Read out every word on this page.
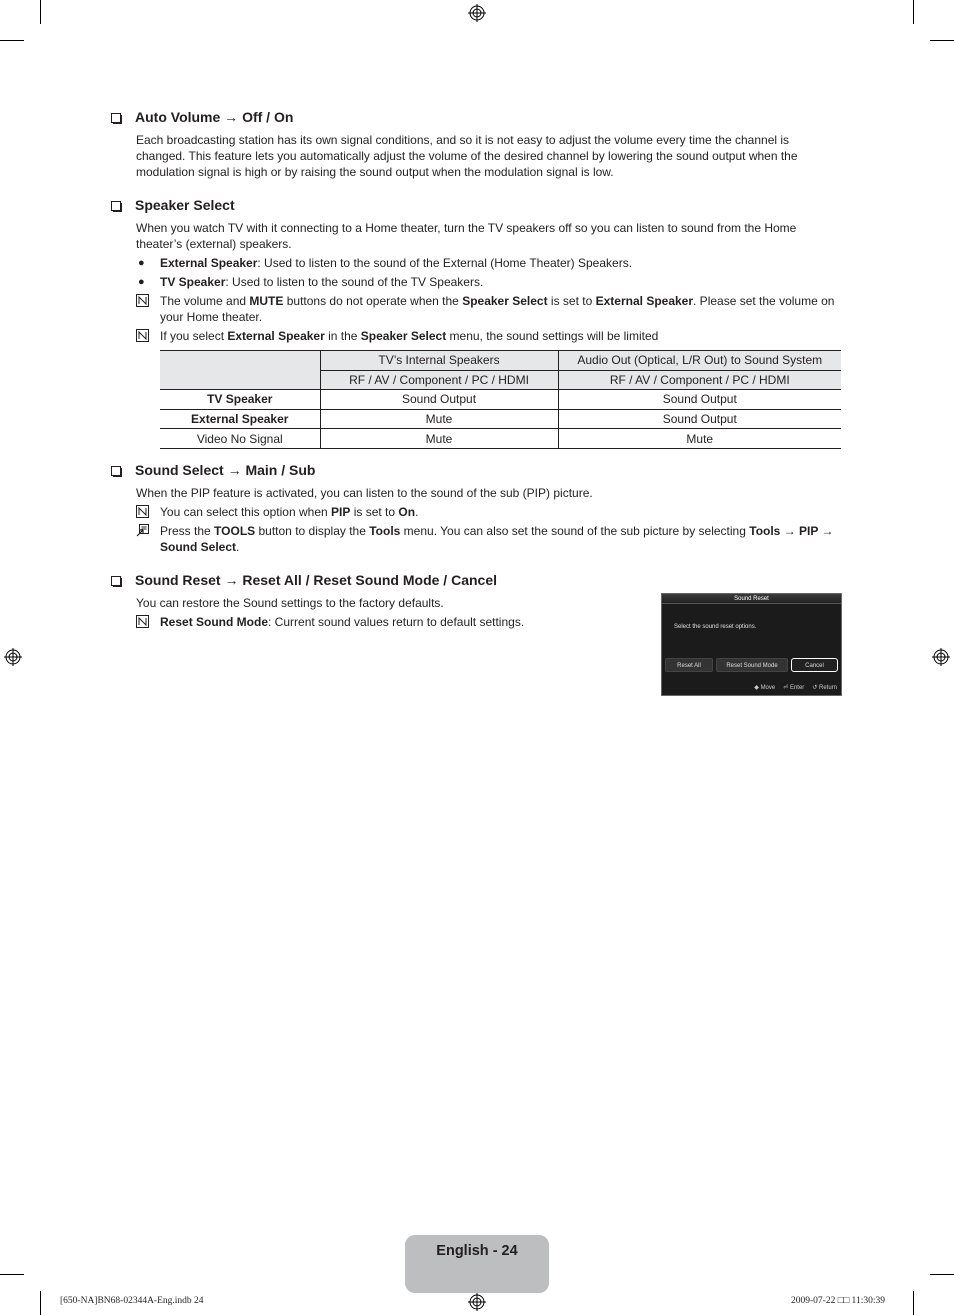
Auto Volume → Off / On

Each broadcasting station has its own signal conditions, and so it is not easy to adjust the volume every time the channel is changed. This feature lets you automatically adjust the volume of the desired channel by lowering the sound output when the modulation signal is high or by raising the sound output when the modulation signal is low.

Speaker Select

When you watch TV with it connecting to a Home theater, turn the TV speakers off so you can listen to sound from the Home theater’s (external) speakers.

●	External Speaker: Used to listen to the sound of the External (Home Theater) Speakers.
●	TV Speaker: Used to listen to the sound of the TV Speakers.
The volume and MUTE buttons do not operate when the Speaker Select is set to External Speaker. Please set the volume on your Home theater.
If you select External Speaker in the Speaker Select menu, the sound settings will be limited
	TV’s Internal Speakers	Audio Out (Optical, L/R Out) to Sound System
	RF / AV / Component / PC / HDMI	RF / AV / Component / PC / HDMI
TV Speaker	Sound Output	Sound Output
External Speaker	Mute	Sound Output
Video No Signal	Mute	Mute
Sound Select → Main / Sub

When the PIP feature is activated, you can listen to the sound of the sub (PIP) picture.

You can select this option when PIP is set to On.
Press the TOOLS button to display the Tools menu. You can also set the sound of the sub picture by selecting Tools → PIP → Sound Select.
Sound Reset → Reset All / Reset Sound Mode / Cancel

You can restore the Sound settings to the factory defaults.

Reset Sound Mode: Current sound values return to default settings.
Sound Reset
Select the sound reset options.
Reset All	Reset Sound Mode	Cancel
◆ Move ⏎ Enter ↺ Return
English - 24
[650-NA]BN68-02344A-Eng.indb 24	2009-07-22 □□ 11:30:39
